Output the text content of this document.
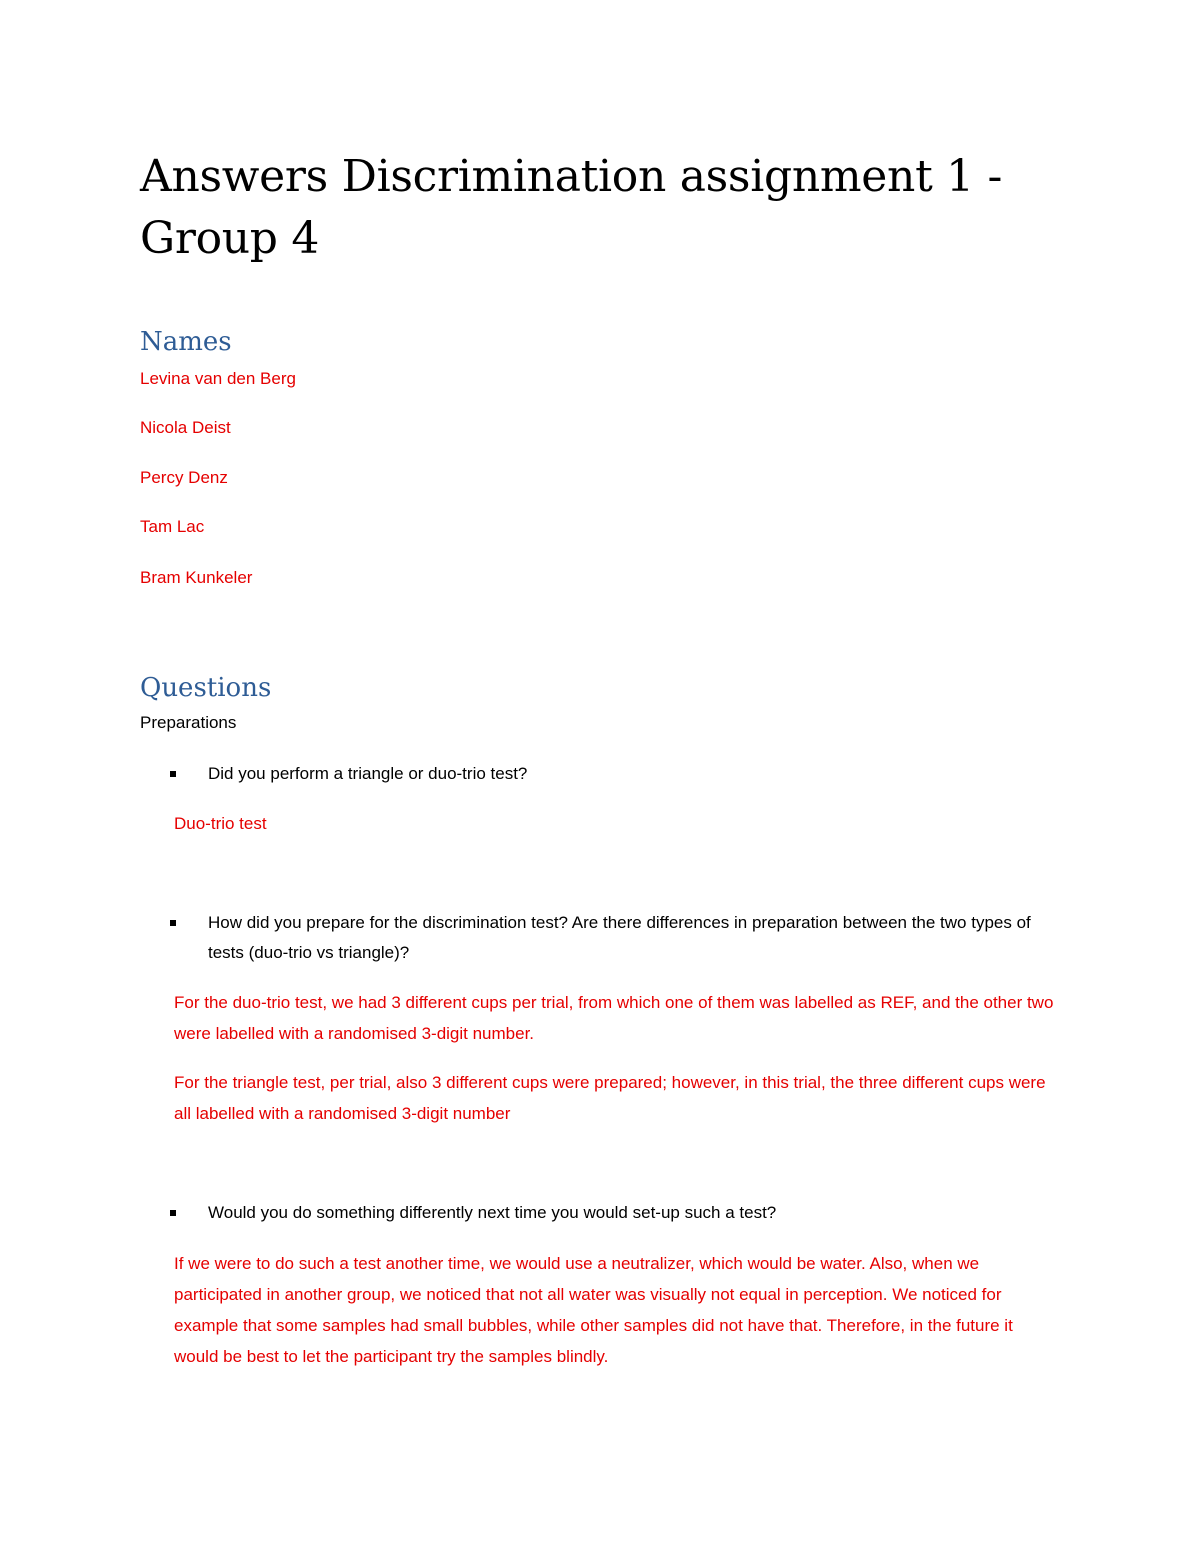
Answers Discrimination assignment 1 - Group 4
Names

Levina van den Berg

Nicola Deist

Percy Denz

Tam Lac

Bram Kunkeler

Questions

Preparations

Did you perform a triangle or duo-trio test?

Duo-trio test

How did you prepare for the discrimination test? Are there differences in preparation between the two types of tests (duo-trio vs triangle)?

For the duo-trio test, we had 3 different cups per trial, from which one of them was labelled as REF, and the other two were labelled with a randomised 3-digit number.

For the triangle test, per trial, also 3 different cups were prepared; however, in this trial, the three different cups were all labelled with a randomised 3-digit number

Would you do something differently next time you would set-up such a test?

If we were to do such a test another time, we would use a neutralizer, which would be water. Also, when we participated in another group, we noticed that not all water was visually not equal in perception. We noticed for example that some samples had small bubbles, while other samples did not have that. Therefore, in the future it would be best to let the participant try the samples blindly.
